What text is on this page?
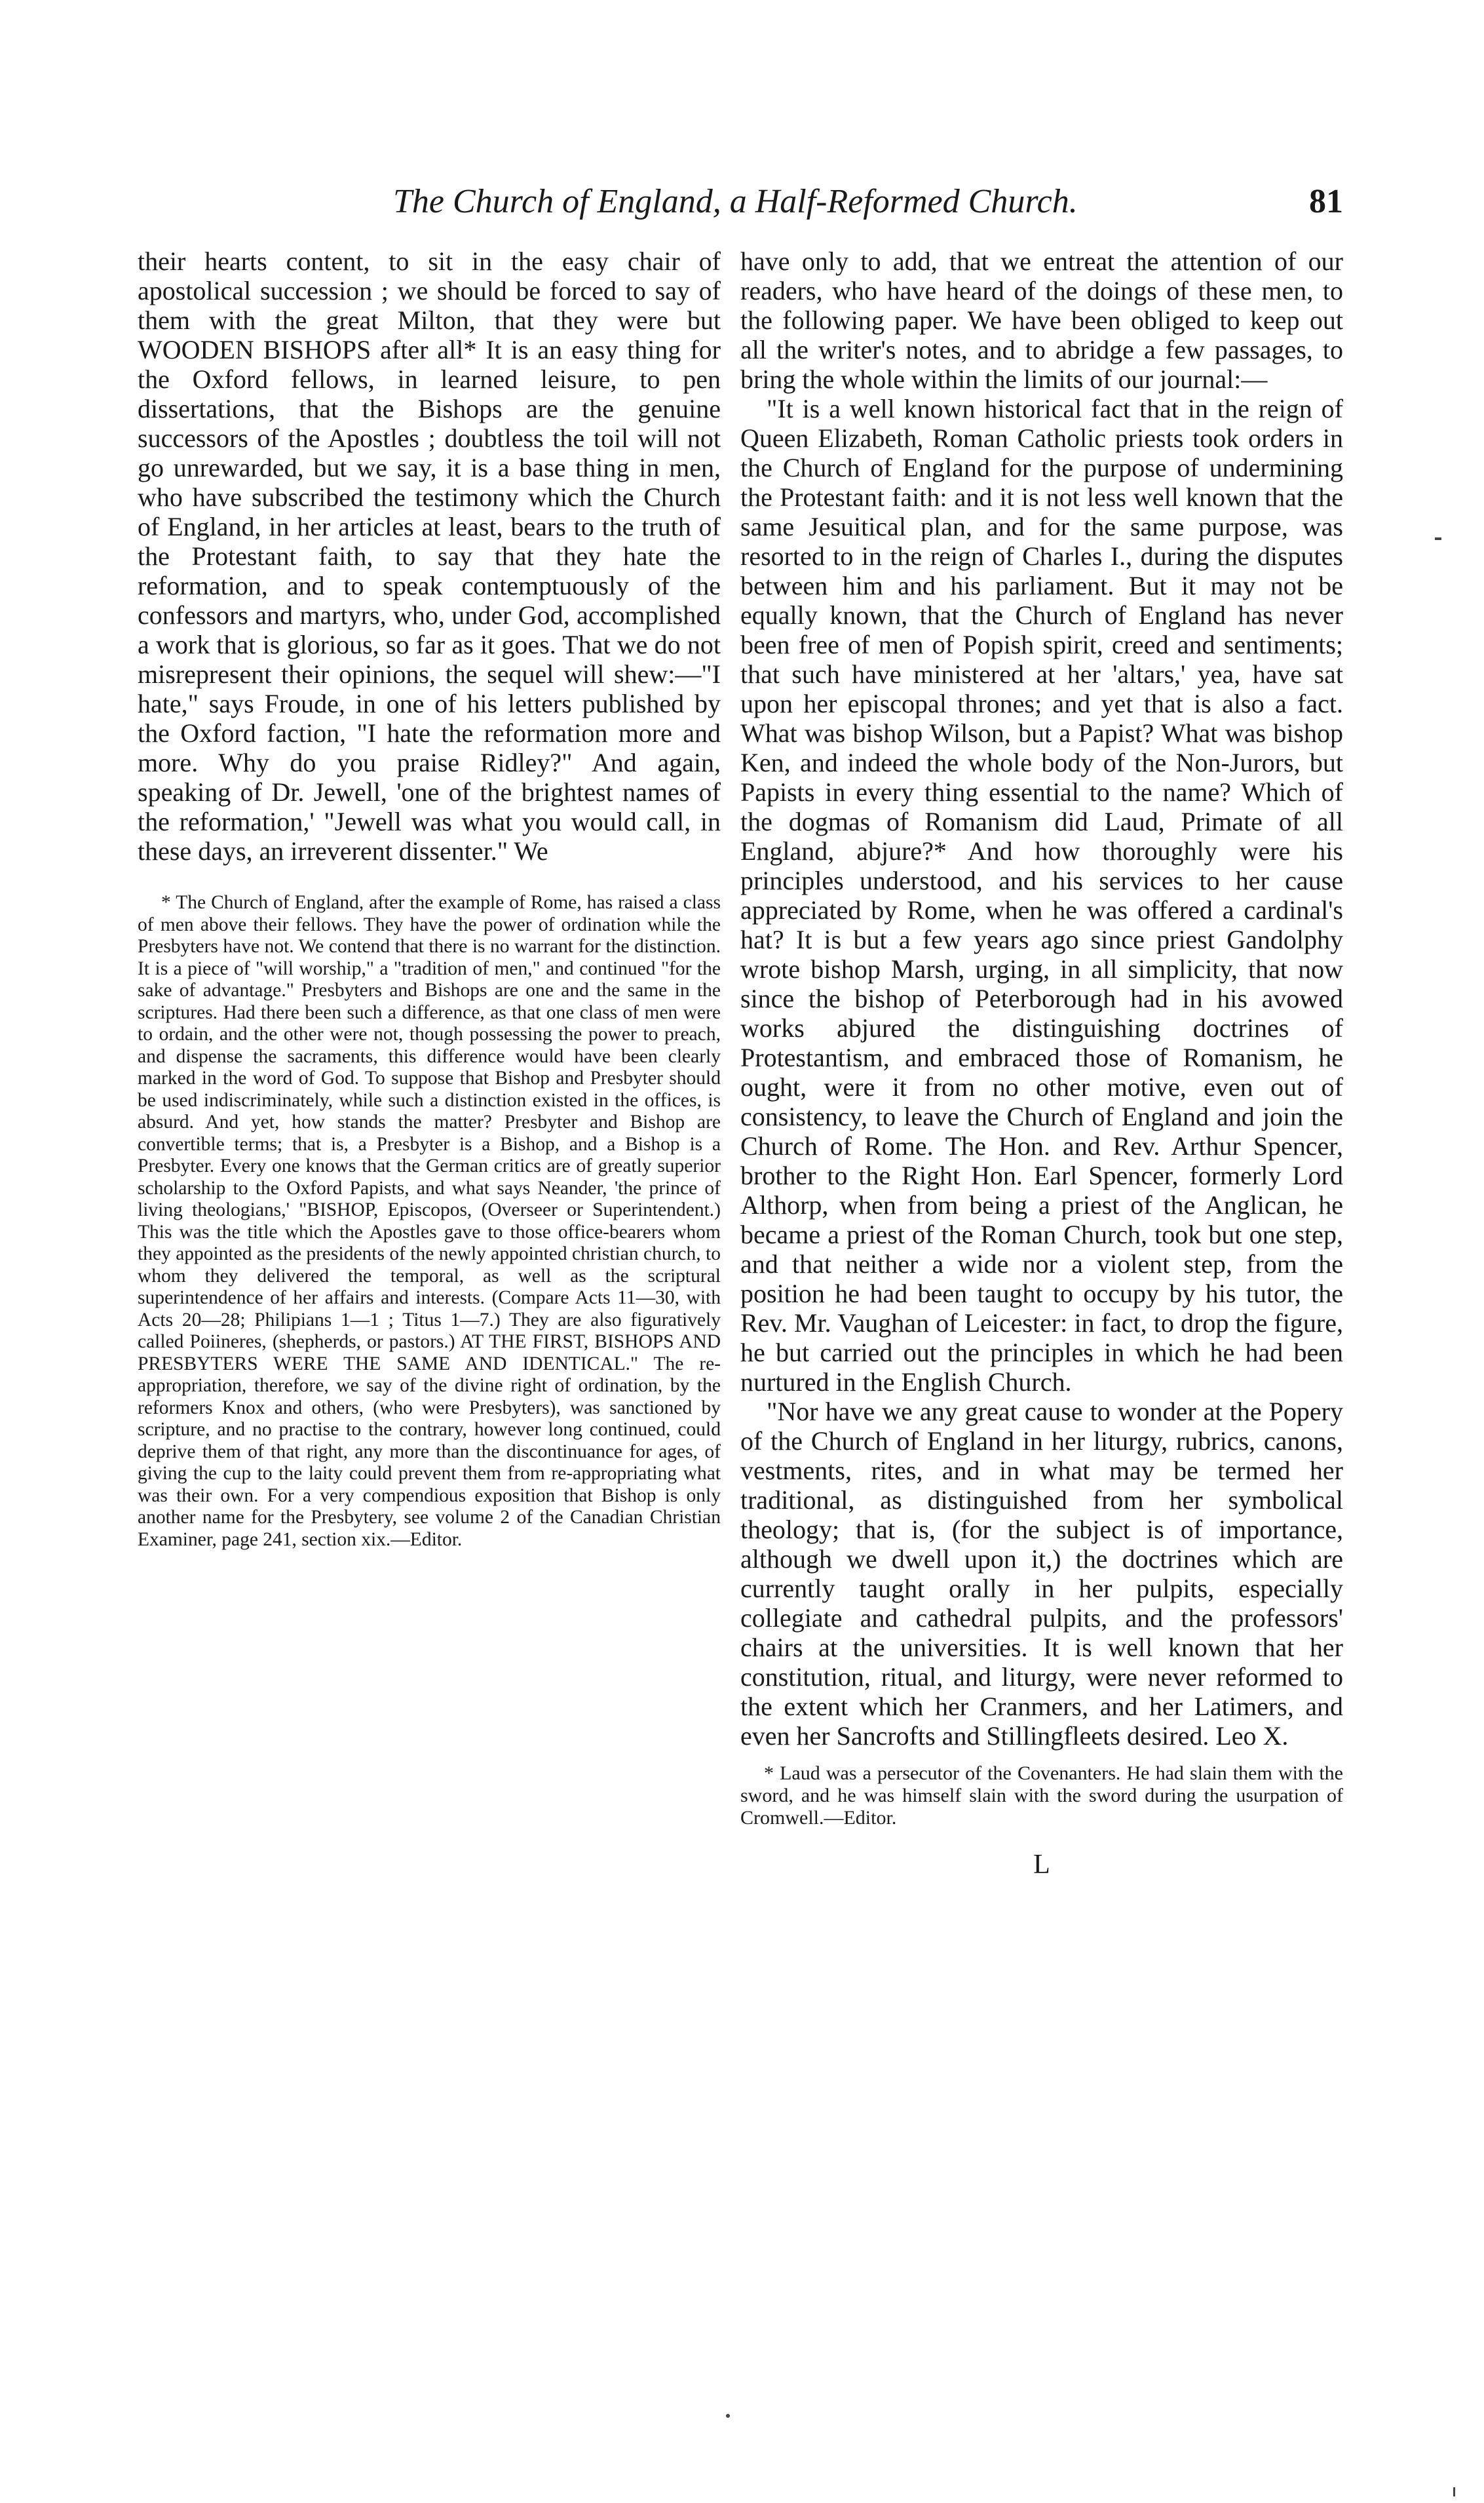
The Church of England, a Half-Reformed Church.	81

their hearts content, to sit in the easy chair of apostolical succession ; we should be forced to say of them with the great Milton, that they were but WOODEN BISHOPS after all* It is an easy thing for the Oxford fellows, in learned leisure, to pen dissertations, that the Bishops are the genuine successors of the Apostles ; doubtless the toil will not go unrewarded, but we say, it is a base thing in men, who have subscribed the testimony which the Church of England, in her articles at least, bears to the truth of the Protestant faith, to say that they hate the reformation, and to speak contemptuously of the confessors and martyrs, who, under God, accomplished a work that is glorious, so far as it goes. That we do not misrepresent their opinions, the sequel will shew:—"I hate," says Froude, in one of his letters published by the Oxford faction, "I hate the reformation more and more. Why do you praise Ridley?" And again, speaking of Dr. Jewell, 'one of the brightest names of the reformation,' "Jewell was what you would call, in these days, an irreverent dissenter." We

* The Church of England, after the example of Rome, has raised a class of men above their fellows. They have the power of ordination while the Presbyters have not. We contend that there is no warrant for the distinction. It is a piece of "will worship," a "tradition of men," and continued "for the sake of advantage." Presbyters and Bishops are one and the same in the scriptures. Had there been such a difference, as that one class of men were to ordain, and the other were not, though possessing the power to preach, and dispense the sacraments, this difference would have been clearly marked in the word of God. To suppose that Bishop and Presbyter should be used indiscriminately, while such a distinction existed in the offices, is absurd. And yet, how stands the matter? Presbyter and Bishop are convertible terms; that is, a Presbyter is a Bishop, and a Bishop is a Presbyter. Every one knows that the German critics are of greatly superior scholarship to the Oxford Papists, and what says Neander, 'the prince of living theologians,' "BISHOP, Episcopos, (Overseer or Superintendent.) This was the title which the Apostles gave to those office-bearers whom they appointed as the presidents of the newly appointed christian church, to whom they delivered the temporal, as well as the scriptural superintendence of her affairs and interests. (Compare Acts 11—30, with Acts 20—28; Philipians 1—1 ; Titus 1—7.) They are also figuratively called Poiineres, (shepherds, or pastors.) AT THE FIRST, BISHOPS AND PRESBYTERS WERE THE SAME AND IDENTICAL." The re-appropriation, therefore, we say of the divine right of ordination, by the reformers Knox and others, (who were Presbyters), was sanctioned by scripture, and no practise to the contrary, however long continued, could deprive them of that right, any more than the discontinuance for ages, of giving the cup to the laity could prevent them from re-appropriating what was their own. For a very compendious exposition that Bishop is only another name for the Presbytery, see volume 2 of the Canadian Christian Examiner, page 241, section xix.—Editor.

have only to add, that we entreat the attention of our readers, who have heard of the doings of these men, to the following paper. We have been obliged to keep out all the writer's notes, and to abridge a few passages, to bring the whole within the limits of our journal:—

"It is a well known historical fact that in the reign of Queen Elizabeth, Roman Catholic priests took orders in the Church of England for the purpose of undermining the Protestant faith: and it is not less well known that the same Jesuitical plan, and for the same purpose, was resorted to in the reign of Charles I., during the disputes between him and his parliament. But it may not be equally known, that the Church of England has never been free of men of Popish spirit, creed and sentiments; that such have ministered at her 'altars,' yea, have sat upon her episcopal thrones; and yet that is also a fact. What was bishop Wilson, but a Papist? What was bishop Ken, and indeed the whole body of the Non-Jurors, but Papists in every thing essential to the name? Which of the dogmas of Romanism did Laud, Primate of all England, abjure?* And how thoroughly were his principles understood, and his services to her cause appreciated by Rome, when he was offered a cardinal's hat? It is but a few years ago since priest Gandolphy wrote bishop Marsh, urging, in all simplicity, that now since the bishop of Peterborough had in his avowed works abjured the distinguishing doctrines of Protestantism, and embraced those of Romanism, he ought, were it from no other motive, even out of consistency, to leave the Church of England and join the Church of Rome. The Hon. and Rev. Arthur Spencer, brother to the Right Hon. Earl Spencer, formerly Lord Althorp, when from being a priest of the Anglican, he became a priest of the Roman Church, took but one step, and that neither a wide nor a violent step, from the position he had been taught to occupy by his tutor, the Rev. Mr. Vaughan of Leicester: in fact, to drop the figure, he but carried out the principles in which he had been nurtured in the English Church.

"Nor have we any great cause to wonder at the Popery of the Church of England in her liturgy, rubrics, canons, vestments, rites, and in what may be termed her traditional, as distinguished from her symbolical theology; that is, (for the subject is of importance, although we dwell upon it,) the doctrines which are currently taught orally in her pulpits, especially collegiate and cathedral pulpits, and the professors' chairs at the universities. It is well known that her constitution, ritual, and liturgy, were never reformed to the extent which her Cranmers, and her Latimers, and even her Sancrofts and Stillingfleets desired. Leo X.

* Laud was a persecutor of the Covenanters. He had slain them with the sword, and he was himself slain with the sword during the usurpation of Cromwell.—Editor.

L
